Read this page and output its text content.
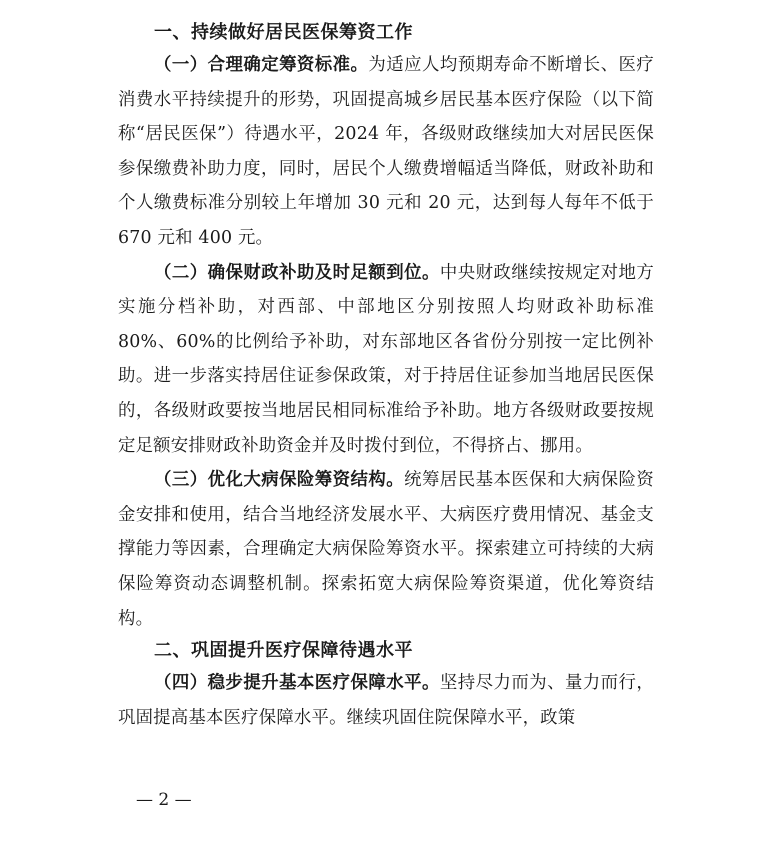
一、持续做好居民医保筹资工作

（一）合理确定筹资标准。为适应人均预期寿命不断增长、医疗消费水平持续提升的形势，巩固提高城乡居民基本医疗保险（以下简称“居民医保”）待遇水平，2024 年，各级财政继续加大对居民医保参保缴费补助力度，同时，居民个人缴费增幅适当降低，财政补助和个人缴费标准分别较上年增加 30 元和 20 元，达到每人每年不低于 670 元和 400 元。

（二）确保财政补助及时足额到位。中央财政继续按规定对地方实施分档补助，对西部、中部地区分别按照人均财政补助标准 80%、60%的比例给予补助，对东部地区各省份分别按一定比例补助。进一步落实持居住证参保政策，对于持居住证参加当地居民医保的，各级财政要按当地居民相同标准给予补助。地方各级财政要按规定足额安排财政补助资金并及时拨付到位，不得挤占、挪用。

（三）优化大病保险筹资结构。统筹居民基本医保和大病保险资金安排和使用，结合当地经济发展水平、大病医疗费用情况、基金支撑能力等因素，合理确定大病保险筹资水平。探索建立可持续的大病保险筹资动态调整机制。探索拓宽大病保险筹资渠道，优化筹资结构。

二、巩固提升医疗保障待遇水平

（四）稳步提升基本医疗保障水平。坚持尽力而为、量力而行，巩固提高基本医疗保障水平。继续巩固住院保障水平，政策

— 2 —
